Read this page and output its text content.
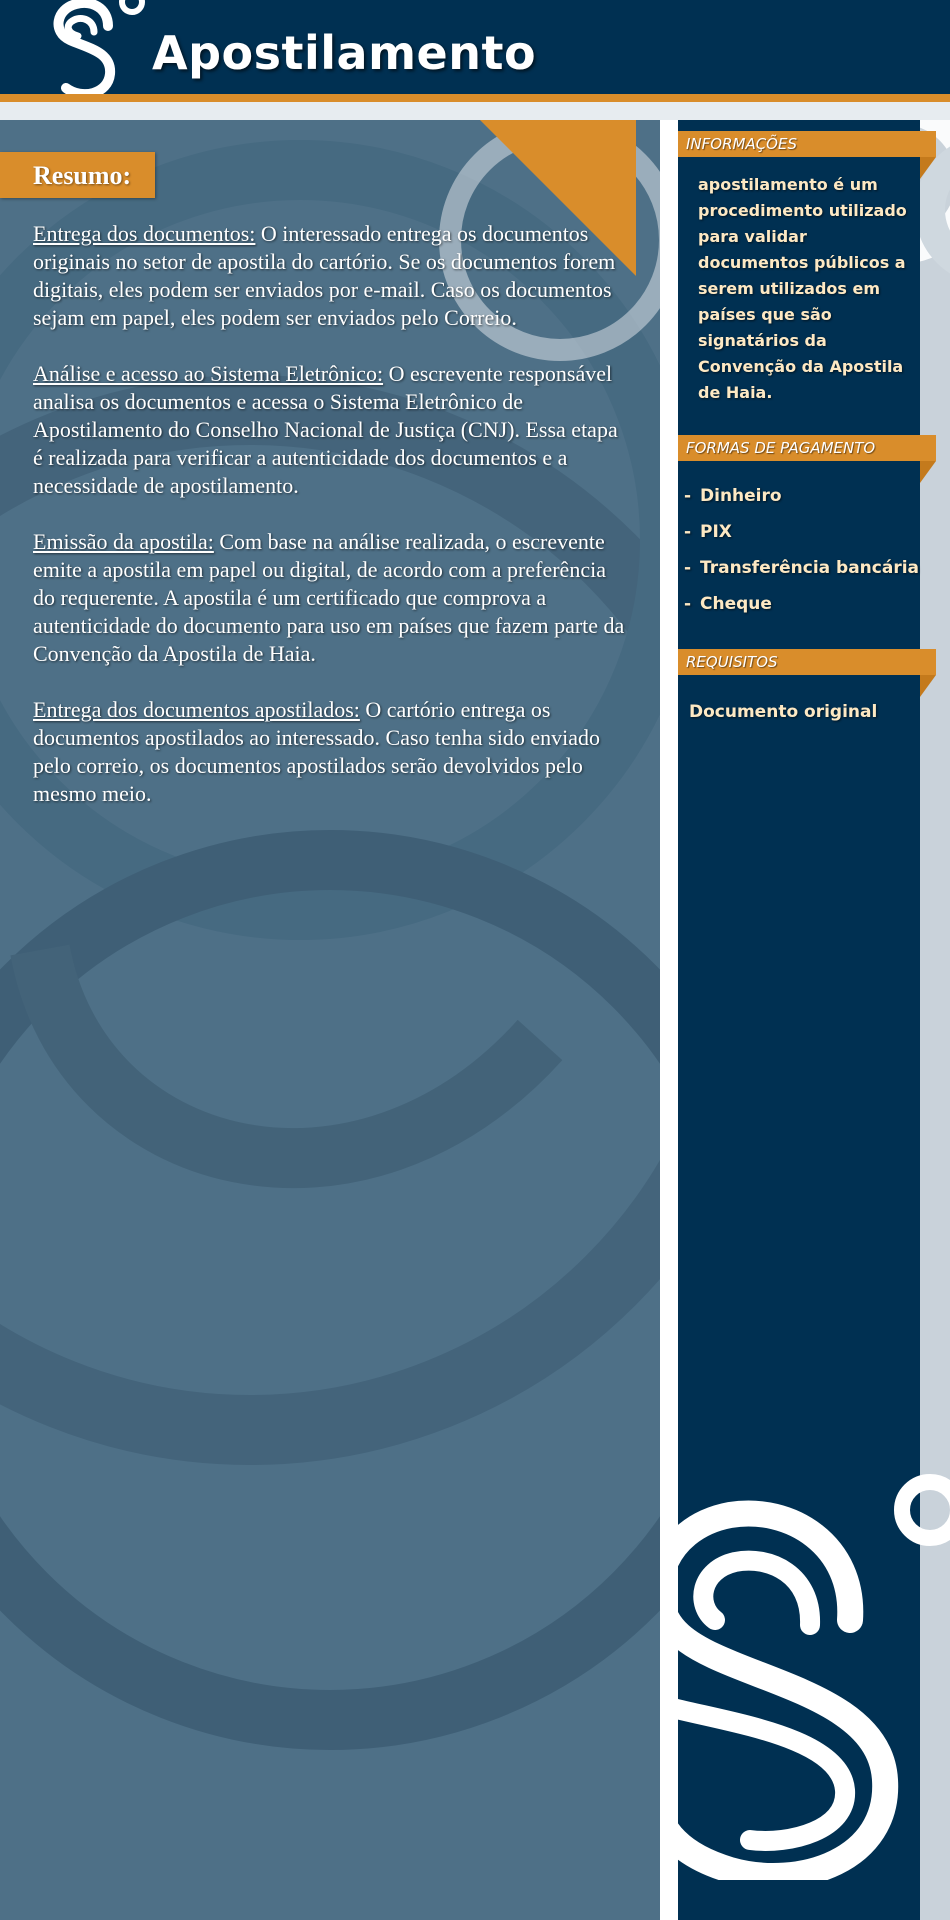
Apostilamento
Resumo:

Entrega dos documentos: O interessado entrega os documentos originais no setor de apostila do cartório. Se os documentos forem digitais, eles podem ser enviados por e-mail. Caso os documentos sejam em papel, eles podem ser enviados pelo Correio.

Análise e acesso ao Sistema Eletrônico: O escrevente responsável analisa os documentos e acessa o Sistema Eletrônico de Apostilamento do Conselho Nacional de Justiça (CNJ). Essa etapa é realizada para verificar a autenticidade dos documentos e a necessidade de apostilamento.

Emissão da apostila: Com base na análise realizada, o escrevente emite a apostila em papel ou digital, de acordo com a preferência do requerente. A apostila é um certificado que comprova a autenticidade do documento para uso em países que fazem parte da Convenção da Apostila de Haia.

Entrega dos documentos apostilados: O cartório entrega os documentos apostilados ao interessado. Caso tenha sido enviado pelo correio, os documentos apostilados serão devolvidos pelo mesmo meio.

INFORMAÇÕES
apostilamento é um procedimento utilizado para validar documentos públicos a serem utilizados em países que são signatários da Convenção da Apostila de Haia.
FORMAS DE PAGAMENTO
- Dinheiro
- PIX
- Transferência bancária
- Cheque
REQUISITOS
Documento original
